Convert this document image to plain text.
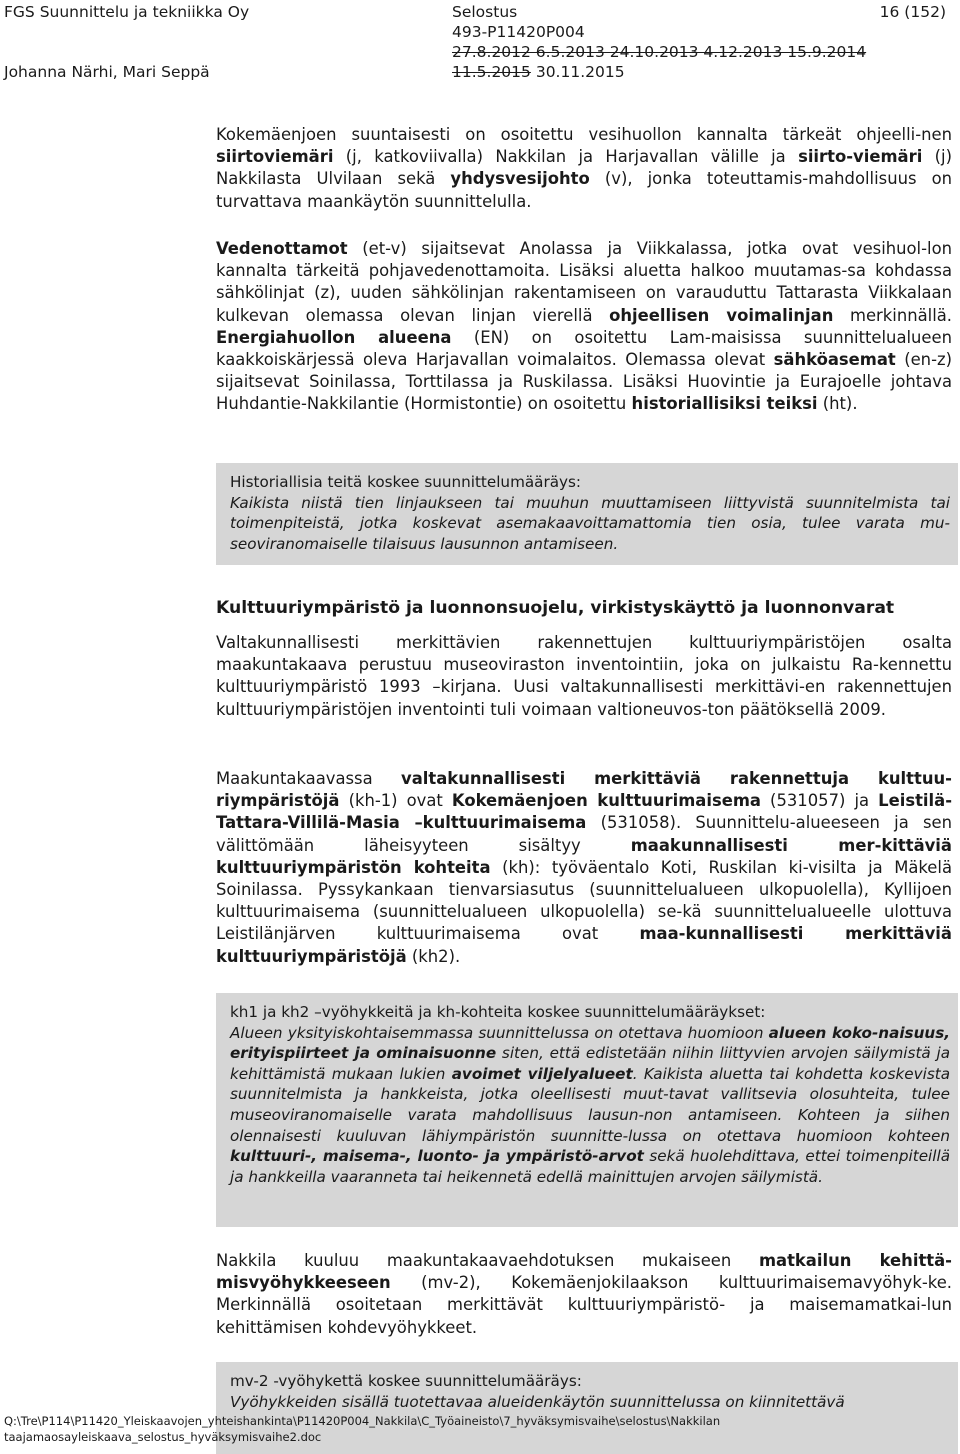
FGS Suunnittelu ja tekniikka Oy
Johanna Närhi, Mari Seppä
Selostus
493-P11420P004
27.8.2012 6.5.2013 24.10.2013 4.12.2013 15.9.2014
11.5.2015 30.11.2015
16 (152)

Kokemäenjoen suuntaisesti on osoitettu vesihuollon kannalta tärkeät ohjeelli-nen siirtoviemäri (j, katkoviivalla) Nakkilan ja Harjavallan välille ja siirto-viemäri (j) Nakkilasta Ulvilaan sekä yhdysvesijohto (v), jonka toteuttamis-mahdollisuus on turvattava maankäytön suunnittelulla.

Vedenottamot (et-v) sijaitsevat Anolassa ja Viikkalassa, jotka ovat vesihuol-lon kannalta tärkeitä pohjavedenottamoita. Lisäksi aluetta halkoo muutamas-sa kohdassa sähkölinjat (z), uuden sähkölinjan rakentamiseen on varauduttu Tattarasta Viikkalaan kulkevan olemassa olevan linjan vierellä ohjeellisen voimalinjan merkinnällä. Energiahuollon alueena (EN) on osoitettu Lam-maisissa suunnittelualueen kaakkoiskärjessä oleva Harjavallan voimalaitos. Olemassa olevat sähköasemat (en-z) sijaitsevat Soinilassa, Torttilassa ja Ruskilassa. Lisäksi Huovintie ja Eurajoelle johtava Huhdantie-Nakkilantie (Hormistontie) on osoitettu historiallisiksi teiksi (ht).

Historiallisia teitä koskee suunnittelumääräys:
Kaikista niistä tien linjaukseen tai muuhun muuttamiseen liittyvistä suunnitelmista tai toimenpiteistä, jotka koskevat asemakaavoittamattomia tien osia, tulee varata mu-seoviranomaiselle tilaisuus lausunnon antamiseen.
Kulttuuriympäristö ja luonnonsuojelu, virkistyskäyttö ja luonnonvarat

Valtakunnallisesti merkittävien rakennettujen kulttuuriympäristöjen osalta maakuntakaava perustuu museoviraston inventointiin, joka on julkaistu Ra-kennettu kulttuuriympäristö 1993 –kirjana. Uusi valtakunnallisesti merkittävi-en rakennettujen kulttuuriympäristöjen inventointi tuli voimaan valtioneuvos-ton päätöksellä 2009.

Maakuntakaavassa valtakunnallisesti merkittäviä rakennettuja kulttuu-riympäristöjä (kh-1) ovat Kokemäenjoen kulttuurimaisema (531057) ja Leistilä-Tattara-Villilä-Masia –kulttuurimaisema (531058). Suunnittelu-alueeseen ja sen välittömään läheisyyteen sisältyy maakunnallisesti mer-kittäviä kulttuuriympäristön kohteita (kh): työväentalo Koti, Ruskilan ki-visilta ja Mäkelä Soinilassa. Pyssykankaan tienvarsiasutus (suunnittelualueen ulkopuolella), Kyllijoen kulttuurimaisema (suunnittelualueen ulkopuolella) se-kä suunnittelualueelle ulottuva Leistilänjärven kulttuurimaisema ovat maa-kunnallisesti merkittäviä kulttuuriympäristöjä (kh2).

kh1 ja kh2 –vyöhykkeitä ja kh-kohteita koskee suunnittelumääräykset:
Alueen yksityiskohtaisemmassa suunnittelussa on otettava huomioon alueen koko-naisuus, erityispiirteet ja ominaisuonne siten, että edistetään niihin liittyvien arvojen säilymistä ja kehittämistä mukaan lukien avoimet viljelyalueet. Kaikista aluetta tai kohdetta koskevista suunnitelmista ja hankkeista, jotka oleellisesti muut-tavat vallitsevia olosuhteita, tulee museoviranomaiselle varata mahdollisuus lausun-non antamiseen. Kohteen ja siihen olennaisesti kuuluvan lähiympäristön suunnitte-lussa on otettava huomioon kohteen kulttuuri-, maisema-, luonto- ja ympäristö-arvot sekä huolehdittava, ettei toimenpiteillä ja hankkeilla vaaranneta tai heikennetä edellä mainittujen arvojen säilymistä.

Nakkila kuuluu maakuntakaavaehdotuksen mukaiseen matkailun kehittä-misvyöhykkeeseen (mv-2), Kokemäenjokilaakson kulttuurimaisemavyöhyk-ke. Merkinnällä osoitetaan merkittävät kulttuuriympäristö- ja maisemamatkai-lun kehittämisen kohdevyöhykkeet.

mv-2 -vyöhykettä koskee suunnittelumääräys:
Vyöhykkeiden sisällä tuotettavaa alueidenkäytön suunnittelussa on kiinnitettävä
Q:\Tre\P114\P11420_Yleiskaavojen_yhteishankinta\P11420P004_Nakkila\C_Työaineisto\7_hyväksymisvaihe\selostus\Nakkilan
taajamaosayleiskaava_selostus_hyväksymisvaihe2.doc
